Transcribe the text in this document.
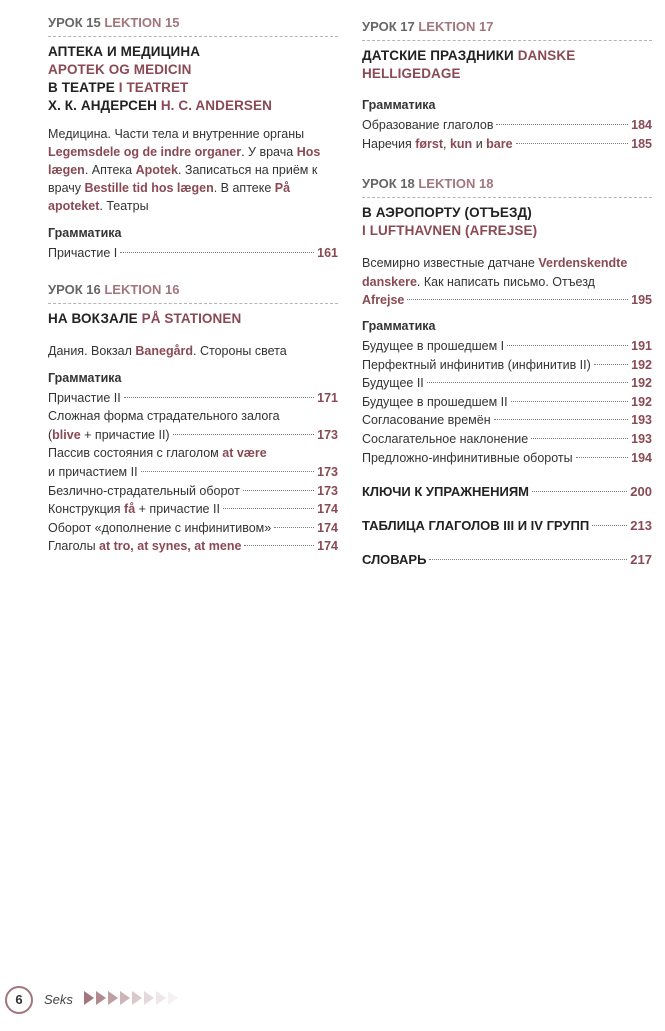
УРОК 15 LEKTION 15
АПТЕКА И МЕДИЦИНА
APOTEK OG MEDICIN
В ТЕАТРЕ I TEATRET
Х. К. АНДЕРСЕН H. C. ANDERSEN
Медицина. Части тела и внутренние органы Legemsdele og de indre organer. У врача Hos lægen. Аптека Apotek. Записаться на приём к врачу Bestille tid hos lægen. В аптеке På apoteket. Театры
Грамматика
Причастие I	161
УРОК 16 LEKTION 16
НА ВОКЗАЛЕ PÅ STATIONEN
Дания. Вокзал Banegård. Стороны света
Грамматика
Причастие II	171
Сложная форма страдательного залога
(blive + причастие II)	173
Пассив состояния с глаголом at være
и причастием II	173
Безлично-страдательный оборот	173
Конструкция få + причастие II	174
Оборот «дополнение с инфинитивом»	174
Глаголы at tro, at synes, at mene	174
УРОК 17 LEKTION 17
ДАТСКИЕ ПРАЗДНИКИ DANSKE
HELLIGEDAGE
Грамматика
Образование глаголов	184
Наречия først, kun и bare	185
УРОК 18 LEKTION 18
В АЭРОПОРТУ (ОТЪЕЗД)
I LUFTHAVNEN (AFREJSE)
Всемирно известные датчане Verdenskendte danskere. Как написать письмо. Отъезд
Afrejse	195
Грамматика
Будущее в прошедшем I	191
Перфектный инфинитив (инфинитив II)	192
Будущее II	192
Будущее в прошедшем II	192
Согласование времён	193
Сослагательное наклонение	193
Предложно-инфинитивные обороты	194
КЛЮЧИ К УПРАЖНЕНИЯМ	200
ТАБЛИЦА ГЛАГОЛОВ III И IV ГРУПП	213
СЛОВАРЬ	217
6	Seks
